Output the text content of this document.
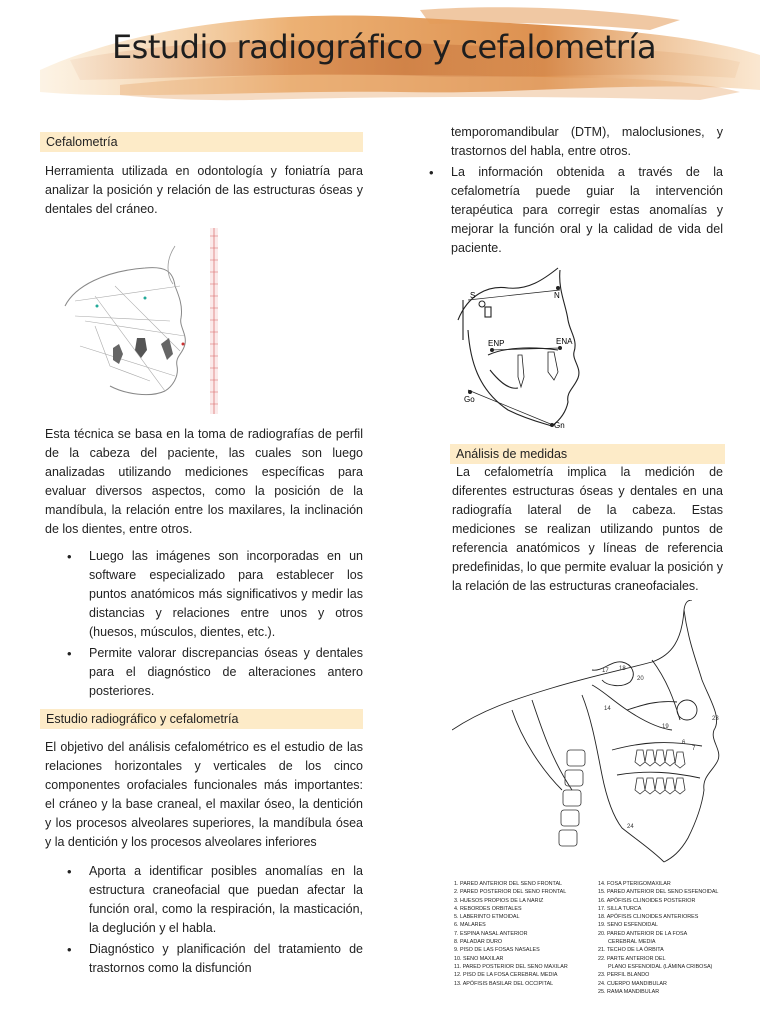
Estudio radiográfico y cefalometría
Cefalometría
Herramienta utilizada en odontología y foniatría para analizar la posición y relación de las estructuras óseas y dentales del cráneo.
Esta técnica se basa en la toma de radiografías de perfil de la cabeza del paciente, las cuales son luego analizadas utilizando mediciones específicas para evaluar diversos aspectos, como la posición de la mandíbula, la relación entre los maxilares, la inclinación de los dientes, entre otros.
• Luego las imágenes son incorporadas en un software especializado para establecer los puntos anatómicos más significativos y medir las distancias y relaciones entre unos y otros (huesos, músculos, dientes, etc.).
• Permite valorar discrepancias óseas y dentales para el diagnóstico de alteraciones antero posteriores.
Estudio radiográfico y cefalometría
El objetivo del análisis cefalométrico es el estudio de las relaciones horizontales y verticales de los cinco componentes orofaciales funcionales más importantes: el cráneo y la base craneal, el maxilar óseo, la dentición y los procesos alveolares superiores, la mandíbula ósea y la dentición y los procesos alveolares inferiores
• Aporta a identificar posibles anomalías en la estructura craneofacial que puedan afectar la función oral, como la respiración, la masticación, la deglución y el habla.
• Diagnóstico y planificación del tratamiento de trastornos como la disfunción
temporomandibular (DTM), maloclusiones, y trastornos del habla, entre otros.
• La información obtenida a través de la cefalometría puede guiar la intervención terapéutica para corregir estas anomalías y mejorar la función oral y la calidad de vida del paciente.
S	N
ENP	ENA
Go
Gn
Análisis de medidas
La cefalometría implica la medición de diferentes estructuras óseas y dentales en una radiografía lateral de la cabeza. Estas mediciones se realizan utilizando puntos de referencia anatómicos y líneas de referencia predefinidas, lo que permite evaluar la posición y la relación de las estructuras craneofaciales.
17 18
20
19
23
7
6
24
14
1. PARED ANTERIOR DEL SENO FRONTAL
2. PARED POSTERIOR DEL SENO FRONTAL
3. HUESOS PROPIOS DE LA NARIZ
4. REBORDES ORBITALES
5. LABERINTO ETMOIDAL
6. MALARES
7. ESPINA NASAL ANTERIOR
8. PALADAR DURO
9. PISO DE LAS FOSAS NASALES
10. SENO MAXILAR
11. PARED POSTERIOR DEL SENO MAXILAR
12. PISO DE LA FOSA CEREBRAL MEDIA
13. APÓFISIS BASILAR DEL OCCIPITAL
14. FOSA PTERIGOMAXILAR
15. PARED ANTERIOR DEL SENO ESFENOIDAL
16. APÓFISIS CLINOIDES POSTERIOR
17. SILLA TURCA
18. APÓFISIS CLINOIDES ANTERIORES
19. SENO ESFENOIDAL
20. PARED ANTERIOR DE LA FOSA
CEREBRAL MEDIA
21. TECHO DE LA ÓRBITA
22. PARTE ANTERIOR DEL
PLANO ESFENOIDAL (LÁMINA CRIBOSA)
23. PERFIL BLANDO
24. CUERPO MANDIBULAR
25. RAMA MANDIBULAR
